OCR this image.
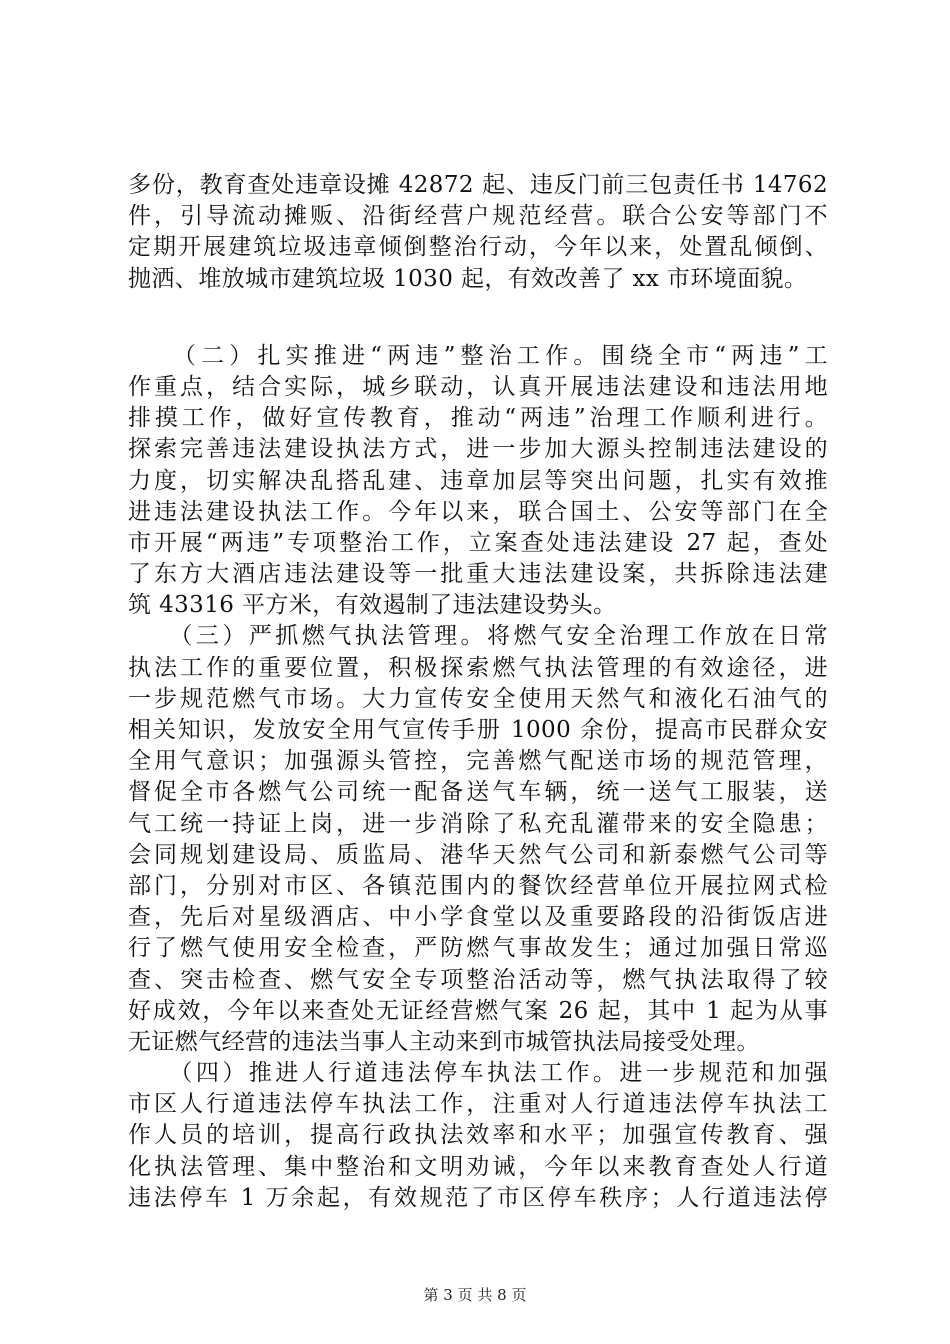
多份，教育查处违章设摊 42872 起、违反门前三包责任书 14762
件，引导流动摊贩、沿街经营户规范经营。联合公安等部门不
定期开展建筑垃圾违章倾倒整治行动，今年以来，处置乱倾倒、
抛洒、堆放城市建筑垃圾 1030 起，有效改善了 xx 市环境面貌。
　　（二）扎实推进“两违”整治工作。围绕全市“两违”工
作重点，结合实际，城乡联动，认真开展违法建设和违法用地
排摸工作，做好宣传教育，推动“两违”治理工作顺利进行。
探索完善违法建设执法方式，进一步加大源头控制违法建设的
力度，切实解决乱搭乱建、违章加层等突出问题，扎实有效推
进违法建设执法工作。今年以来，联合国土、公安等部门在全
市开展“两违”专项整治工作，立案查处违法建设 27 起，查处
了东方大酒店违法建设等一批重大违法建设案，共拆除违法建
筑 43316 平方米，有效遏制了违法建设势头。
　　（三）严抓燃气执法管理。将燃气安全治理工作放在日常
执法工作的重要位置，积极探索燃气执法管理的有效途径，进
一步规范燃气市场。大力宣传安全使用天然气和液化石油气的
相关知识，发放安全用气宣传手册 1000 余份，提高市民群众安
全用气意识；加强源头管控，完善燃气配送市场的规范管理，
督促全市各燃气公司统一配备送气车辆，统一送气工服装，送
气工统一持证上岗，进一步消除了私充乱灌带来的安全隐患；
会同规划建设局、质监局、港华天然气公司和新泰燃气公司等
部门，分别对市区、各镇范围内的餐饮经营单位开展拉网式检
查，先后对星级酒店、中小学食堂以及重要路段的沿街饭店进
行了燃气使用安全检查，严防燃气事故发生；通过加强日常巡
查、突击检查、燃气安全专项整治活动等，燃气执法取得了较
好成效，今年以来查处无证经营燃气案 26 起，其中 1 起为从事
无证燃气经营的违法当事人主动来到市城管执法局接受处理。
　　（四）推进人行道违法停车执法工作。进一步规范和加强
市区人行道违法停车执法工作，注重对人行道违法停车执法工
作人员的培训，提高行政执法效率和水平；加强宣传教育、强
化执法管理、集中整治和文明劝诫，今年以来教育查处人行道
违法停车 1 万余起，有效规范了市区停车秩序；人行道违法停
第 3 页 共 8 页
